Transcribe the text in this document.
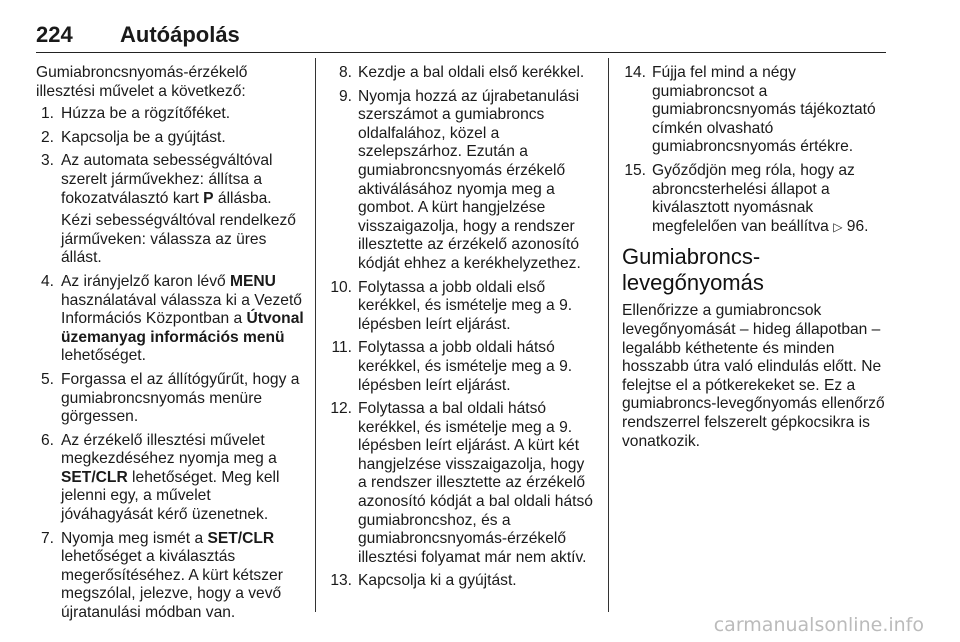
224 Autóápolás

Gumiabroncsnyomás-érzékelő illesztési művelet a következő:

1. Húzza be a rögzítőféket.
2. Kapcsolja be a gyújtást.
3. Az automata sebességváltóval szerelt járművekhez: állítsa a fokozatválasztó kart P állásba.

Kézi sebességváltóval rendelkező járműveken: válassza az üres állást.

4. Az irányjelző karon lévő MENU használatával válassza ki a Vezető Információs Központban a Útvonal üzemanyag információs menü lehetőséget.
5. Forgassa el az állítógyűrűt, hogy a gumiabroncsnyomás menüre görgessen.
6. Az érzékelő illesztési művelet megkezdéséhez nyomja meg a SET/CLR lehetőséget. Meg kell jelenni egy, a művelet jóváhagyását kérő üzenetnek.
7. Nyomja meg ismét a SET/CLR lehetőséget a kiválasztás megerősítéséhez. A kürt kétszer megszólal, jelezve, hogy a vevő újratanulási módban van.
8. Kezdje a bal oldali első kerékkel.
9. Nyomja hozzá az újrabetanulási szerszámot a gumiabroncs oldalfalához, közel a szelepszárhoz. Ezután a gumiabroncsnyomás érzékelő aktiválásához nyomja meg a gombot. A kürt hangjelzése visszaigazolja, hogy a rendszer illesztette az érzékelő azonosító kódját ehhez a kerékhelyzethez.
10. Folytassa a jobb oldali első kerékkel, és ismételje meg a 9. lépésben leírt eljárást.
11. Folytassa a jobb oldali hátsó kerékkel, és ismételje meg a 9. lépésben leírt eljárást.
12. Folytassa a bal oldali hátsó kerékkel, és ismételje meg a 9. lépésben leírt eljárást. A kürt két hangjelzése visszaigazolja, hogy a rendszer illesztette az érzékelő azonosító kódját a bal oldali hátsó gumiabroncshoz, és a gumiabroncsnyomás-érzékelő illesztési folyamat már nem aktív.
13. Kapcsolja ki a gyújtást.
14. Fújja fel mind a négy gumiabroncsot a gumiabroncsnyomás tájékoztató címkén olvasható gumiabroncsnyomás értékre.
15. Győződjön meg róla, hogy az abroncsterhelési állapot a kiválasztott nyomásnak megfelelően van beállítva ▷ 96.
Gumiabroncs-levegőnyomás

Ellenőrizze a gumiabroncsok levegőnyomását – hideg állapotban – legalább kéthetente és minden hosszabb útra való elindulás előtt. Ne felejtse el a pótkerekeket se. Ez a gumiabroncs-levegőnyomás ellenőrző rendszerrel felszerelt gépkocsikra is vonatkozik.

carmanualsonline.info
